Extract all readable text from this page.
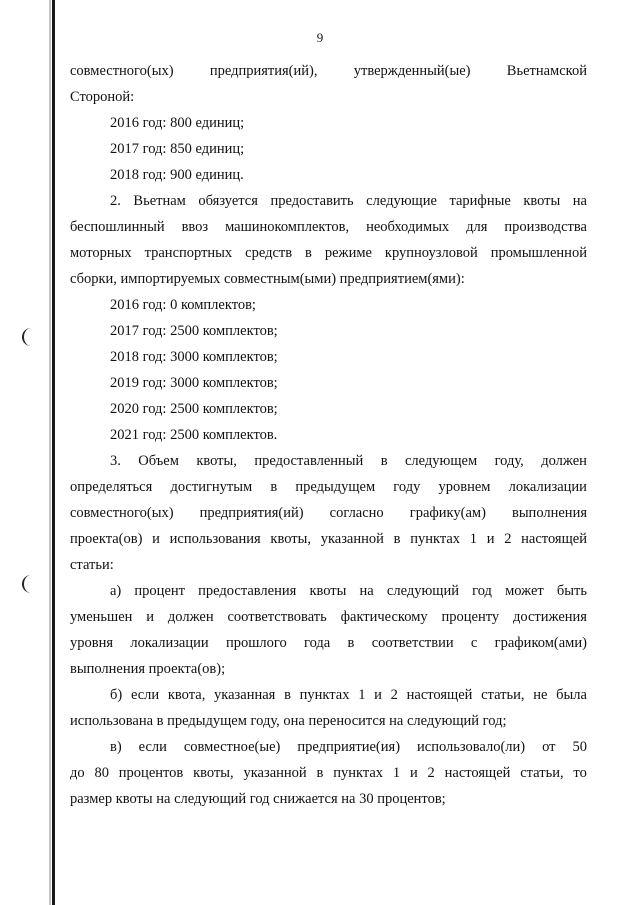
9
совместного(ых)	предприятия(ий),	утвержденный(ые)	Вьетнамской
Стороной:
2016 год: 800 единиц;
2017 год: 850 единиц;
2018 год: 900 единиц.
2. Вьетнам обязуется предоставить следующие тарифные квоты на
беспошлинный ввоз машинокомплектов, необходимых для производства
моторных транспортных средств в режиме крупноузловой промышленной
сборки, импортируемых совместным(ыми) предприятием(ями):
2016 год: 0 комплектов;
2017 год: 2500 комплектов;
2018 год: 3000 комплектов;
2019 год: 3000 комплектов;
2020 год: 2500 комплектов;
2021 год: 2500 комплектов.
3. Объем квоты, предоставленный в следующем году, должен
определяться достигнутым в предыдущем году уровнем локализации
совместного(ых) предприятия(ий) согласно графику(ам) выполнения
проекта(ов) и использования квоты, указанной в пунктах 1 и 2 настоящей
статьи:
а) процент предоставления квоты на следующий год может быть
уменьшен и должен соответствовать фактическому проценту достижения
уровня локализации прошлого года в соответствии с графиком(ами)
выполнения проекта(ов);
б) если квота, указанная в пунктах 1 и 2 настоящей статьи, не была
использована в предыдущем году, она переносится на следующий год;
в) если совместное(ые) предприятие(ия) использовало(ли) от 50
до 80 процентов квоты, указанной в пунктах 1 и 2 настоящей статьи, то
размер квоты на следующий год снижается на 30 процентов;
